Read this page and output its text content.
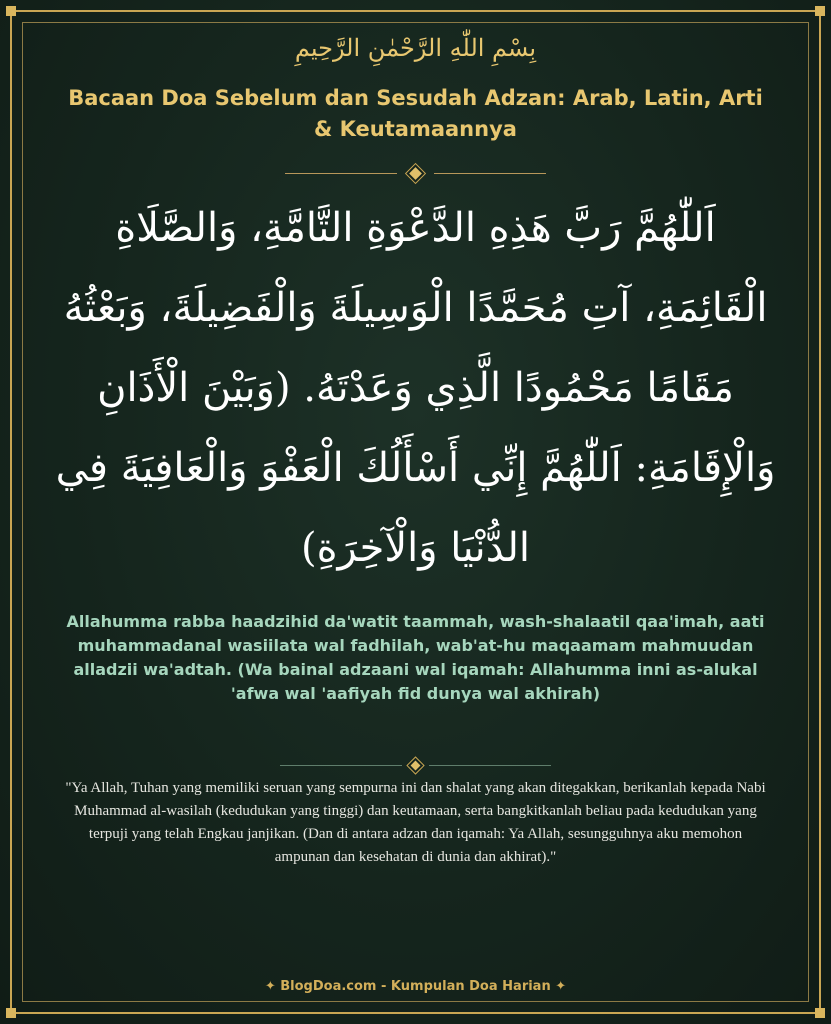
بِسْمِ اللّٰهِ الرَّحْمٰنِ الرَّحِيمِ
Bacaan Doa Sebelum dan Sesudah Adzan: Arab, Latin, Arti & Keutamaannya
اَللّٰهُمَّ رَبَّ هَذِهِ الدَّعْوَةِ التَّامَّةِ، وَالصَّلَاةِ الْقَائِمَةِ، آتِ مُحَمَّدًا الْوَسِيلَةَ وَالْفَضِيلَةَ، وَبَعْثُهُ مَقَامًا مَحْمُودًا الَّذِي وَعَدْتَهُ. (وَبَيْنَ الْأَذَانِ وَالْإِقَامَةِ: اَللّٰهُمَّ إِنِّي أَسْأَلُكَ الْعَفْوَ وَالْعَافِيَةَ فِي الدُّنْيَا وَالْآخِرَةِ)
Allahumma rabba haadzihid da'watit taammah, wash-shalaatil qaa'imah, aati muhammadanal wasiilata wal fadhilah, wab'at-hu maqaamam mahmuudan alladzii wa'adtah. (Wa bainal adzaani wal iqamah: Allahumma inni as-alukal 'afwa wal 'aafiyah fid dunya wal akhirah)
"Ya Allah, Tuhan yang memiliki seruan yang sempurna ini dan shalat yang akan ditegakkan, berikanlah kepada Nabi Muhammad al-wasilah (kedudukan yang tinggi) dan keutamaan, serta bangkitkanlah beliau pada kedudukan yang terpuji yang telah Engkau janjikan. (Dan di antara adzan dan iqamah: Ya Allah, sesungguhnya aku memohon ampunan dan kesehatan di dunia dan akhirat)."
✦ BlogDoa.com - Kumpulan Doa Harian ✦
